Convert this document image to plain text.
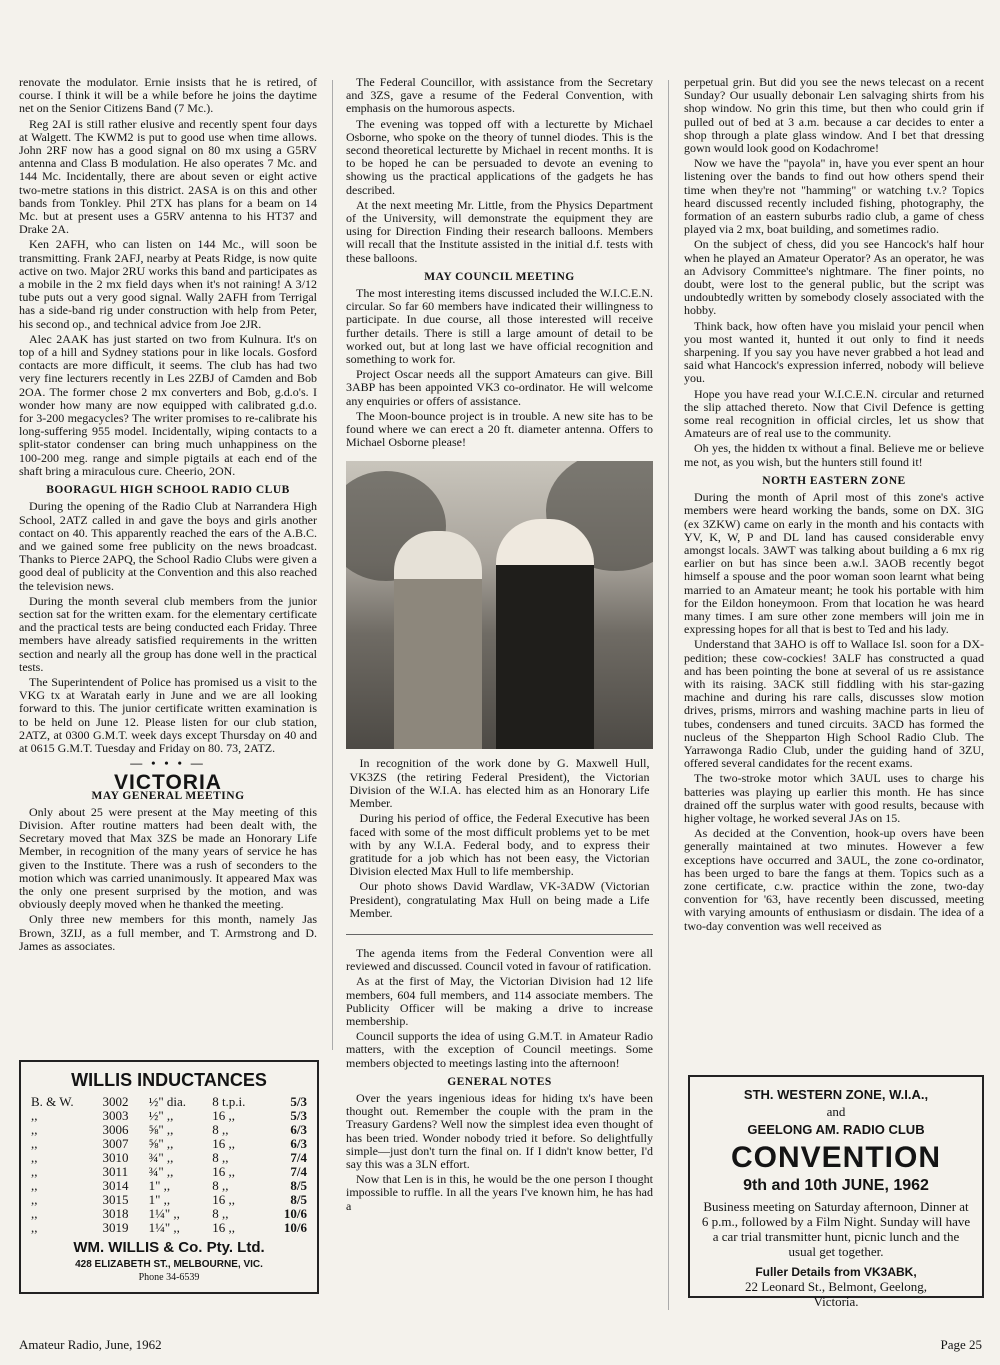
renovate the modulator. Ernie insists that he is retired, of course. I think it will be a while before he joins the daytime net on the Senior Citizens Band (7 Mc.).

Reg 2AI is still rather elusive and recently spent four days at Walgett. The KWM2 is put to good use when time allows. John 2RF now has a good signal on 80 mx using a G5RV antenna and Class B modulation. He also operates 7 Mc. and 144 Mc. Incidentally, there are about seven or eight active two-metre stations in this district. 2ASA is on this and other bands from Tonkley. Phil 2TX has plans for a beam on 14 Mc. but at present uses a G5RV antenna to his HT37 and Drake 2A.

Ken 2AFH, who can listen on 144 Mc., will soon be transmitting. Frank 2AFJ, nearby at Peats Ridge, is now quite active on two. Major 2RU works this band and participates as a mobile in the 2 mx field days when it's not raining! A 3/12 tube puts out a very good signal. Wally 2AFH from Terrigal has a side-band rig under construction with help from Peter, his second op., and technical advice from Joe 2JR.

Alec 2AAK has just started on two from Kulnura. It's on top of a hill and Sydney stations pour in like locals. Gosford contacts are more difficult, it seems. The club has had two very fine lecturers recently in Les 2ZBJ of Camden and Bob 2OA. The former chose 2 mx converters and Bob, g.d.o's. I wonder how many are now equipped with calibrated g.d.o. for 3-200 megacycles? The writer promises to re-calibrate his long-suffering 955 model. Incidentally, wiping contacts to a split-stator condenser can bring much unhappiness on the 100-200 meg. range and simple pigtails at each end of the shaft bring a miraculous cure. Cheerio, 2ON.

BOORAGUL HIGH SCHOOL RADIO CLUB

During the opening of the Radio Club at Narrandera High School, 2ATZ called in and gave the boys and girls another contact on 40. This apparently reached the ears of the A.B.C. and we gained some free publicity on the news broadcast. Thanks to Pierce 2APQ, the School Radio Clubs were given a good deal of publicity at the Convention and this also reached the television news.

During the month several club members from the junior section sat for the written exam. for the elementary certificate and the practical tests are being conducted each Friday. Three members have already satisfied requirements in the written section and nearly all the group has done well in the practical tests.

The Superintendent of Police has promised us a visit to the VKG tx at Waratah early in June and we are all looking forward to this. The junior certificate written examination is to be held on June 12. Please listen for our club station, 2ATZ, at 0300 G.M.T. week days except Thursday on 40 and at 0615 G.M.T. Tuesday and Friday on 80. 73, 2ATZ.

— • • • —
VICTORIA
MAY GENERAL MEETING

Only about 25 were present at the May meeting of this Division. After routine matters had been dealt with, the Secretary moved that Max 3ZS be made an Honorary Life Member, in recognition of the many years of service he has given to the Institute. There was a rush of seconders to the motion which was carried unanimously. It appeared Max was the only one present surprised by the motion, and was obviously deeply moved when he thanked the meeting.

Only three new members for this month, namely Jas Brown, 3ZIJ, as a full member, and T. Armstrong and D. James as associates.

The Federal Councillor, with assistance from the Secretary and 3ZS, gave a resume of the Federal Convention, with emphasis on the humorous aspects.

The evening was topped off with a lecturette by Michael Osborne, who spoke on the theory of tunnel diodes. This is the second theoretical lecturette by Michael in recent months. It is to be hoped he can be persuaded to devote an evening to showing us the practical applications of the gadgets he has described.

At the next meeting Mr. Little, from the Physics Department of the University, will demonstrate the equipment they are using for Direction Finding their research balloons. Members will recall that the Institute assisted in the initial d.f. tests with these balloons.

MAY COUNCIL MEETING

The most interesting items discussed included the W.I.C.E.N. circular. So far 60 members have indicated their willingness to participate. In due course, all those interested will receive further details. There is still a large amount of detail to be worked out, but at long last we have official recognition and something to work for.

Project Oscar needs all the support Amateurs can give. Bill 3ABP has been appointed VK3 co-ordinator. He will welcome any enquiries or offers of assistance.

The Moon-bounce project is in trouble. A new site has to be found where we can erect a 20 ft. diameter antenna. Offers to Michael Osborne please!

In recognition of the work done by G. Maxwell Hull, VK3ZS (the retiring Federal President), the Victorian Division of the W.I.A. has elected him as an Honorary Life Member.

During his period of office, the Federal Executive has been faced with some of the most difficult problems yet to be met with by any W.I.A. Federal body, and to express their gratitude for a job which has not been easy, the Victorian Division elected Max Hull to life membership.

Our photo shows David Wardlaw, VK-3ADW (Victorian President), congratulating Max Hull on being made a Life Member.

The agenda items from the Federal Convention were all reviewed and discussed. Council voted in favour of ratification.

As at the first of May, the Victorian Division had 12 life members, 604 full members, and 114 associate members. The Publicity Officer will be making a drive to increase membership.

Council supports the idea of using G.M.T. in Amateur Radio matters, with the exception of Council meetings. Some members objected to meetings lasting into the afternoon!

GENERAL NOTES

Over the years ingenious ideas for hiding tx's have been thought out. Remember the couple with the pram in the Treasury Gardens? Well now the simplest idea even thought of has been tried. Wonder nobody tried it before. So delightfully simple—just don't turn the final on. If I didn't know better, I'd say this was a 3LN effort.

Now that Len is in this, he would be the one person I thought impossible to ruffle. In all the years I've known him, he has had a

perpetual grin. But did you see the news telecast on a recent Sunday? Our usually debonair Len salvaging shirts from his shop window. No grin this time, but then who could grin if pulled out of bed at 3 a.m. because a car decides to enter a shop through a plate glass window. And I bet that dressing gown would look good on Kodachrome!

Now we have the "payola" in, have you ever spent an hour listening over the bands to find out how others spend their time when they're not "hamming" or watching t.v.? Topics heard discussed recently included fishing, photography, the formation of an eastern suburbs radio club, a game of chess played via 2 mx, boat building, and sometimes radio.

On the subject of chess, did you see Hancock's half hour when he played an Amateur Operator? As an operator, he was an Advisory Committee's nightmare. The finer points, no doubt, were lost to the general public, but the script was undoubtedly written by somebody closely associated with the hobby.

Think back, how often have you mislaid your pencil when you most wanted it, hunted it out only to find it needs sharpening. If you say you have never grabbed a hot lead and said what Hancock's expression inferred, nobody will believe you.

Hope you have read your W.I.C.E.N. circular and returned the slip attached thereto. Now that Civil Defence is getting some real recognition in official circles, let us show that Amateurs are of real use to the community.

Oh yes, the hidden tx without a final. Believe me or believe me not, as you wish, but the hunters still found it!

NORTH EASTERN ZONE

During the month of April most of this zone's active members were heard working the bands, some on DX. 3IG (ex 3ZKW) came on early in the month and his contacts with YV, K, W, P and DL land has caused considerable envy amongst locals. 3AWT was talking about building a 6 mx rig earlier on but has since been a.w.l. 3AOB recently begot himself a spouse and the poor woman soon learnt what being married to an Amateur meant; he took his portable with him for the Eildon honeymoon. From that location he was heard many times. I am sure other zone members will join me in expressing hopes for all that is best to Ted and his lady.

Understand that 3AHO is off to Wallace Isl. soon for a DX-pedition; these cow-cockies! 3ALF has constructed a quad and has been pointing the bone at several of us re assistance with its raising. 3ACK still fiddling with his star-gazing machine and during his rare calls, discusses slow motion drives, prisms, mirrors and washing machine parts in lieu of tubes, condensers and tuned circuits. 3ACD has formed the nucleus of the Shepparton High School Radio Club. The Yarrawonga Radio Club, under the guiding hand of 3ZU, offered several candidates for the recent exams.

The two-stroke motor which 3AUL uses to charge his batteries was playing up earlier this month. He has since drained off the surplus water with good results, because with higher voltage, he worked several JAs on 15.

As decided at the Convention, hook-up overs have been generally maintained at two minutes. However a few exceptions have occurred and 3AUL, the zone co-ordinator, has been urged to bare the fangs at them. Topics such as a zone certificate, c.w. practice within the zone, two-day convention for '63, have recently been discussed, meeting with varying amounts of enthusiasm or disdain. The idea of a two-day convention was well received as

WILLIS INDUCTANCES
B. & W.	3002	½" dia.	8 t.p.i.	5/3
,,	3003	½" ,,	16 ,,	5/3
,,	3006	⅝" ,,	8 ,,	6/3
,,	3007	⅝" ,,	16 ,,	6/3
,,	3010	¾" ,,	8 ,,	7/4
,,	3011	¾" ,,	16 ,,	7/4
,,	3014	1" ,,	8 ,,	8/5
,,	3015	1" ,,	16 ,,	8/5
,,	3018	1¼" ,,	8 ,,	10/6
,,	3019	1¼" ,,	16 ,,	10/6
WM. WILLIS & Co. Pty. Ltd.
428 ELIZABETH ST., MELBOURNE, VIC.
Phone 34-6539
STH. WESTERN ZONE, W.I.A.,
and
GEELONG AM. RADIO CLUB
CONVENTION
9th and 10th JUNE, 1962
Business meeting on Saturday afternoon, Dinner at 6 p.m., followed by a Film Night. Sunday will have a car trial transmitter hunt, picnic lunch and the usual get together.
Fuller Details from VK3ABK,
22 Leonard St., Belmont, Geelong,
Victoria.
Amateur Radio, June, 1962	Page 25
